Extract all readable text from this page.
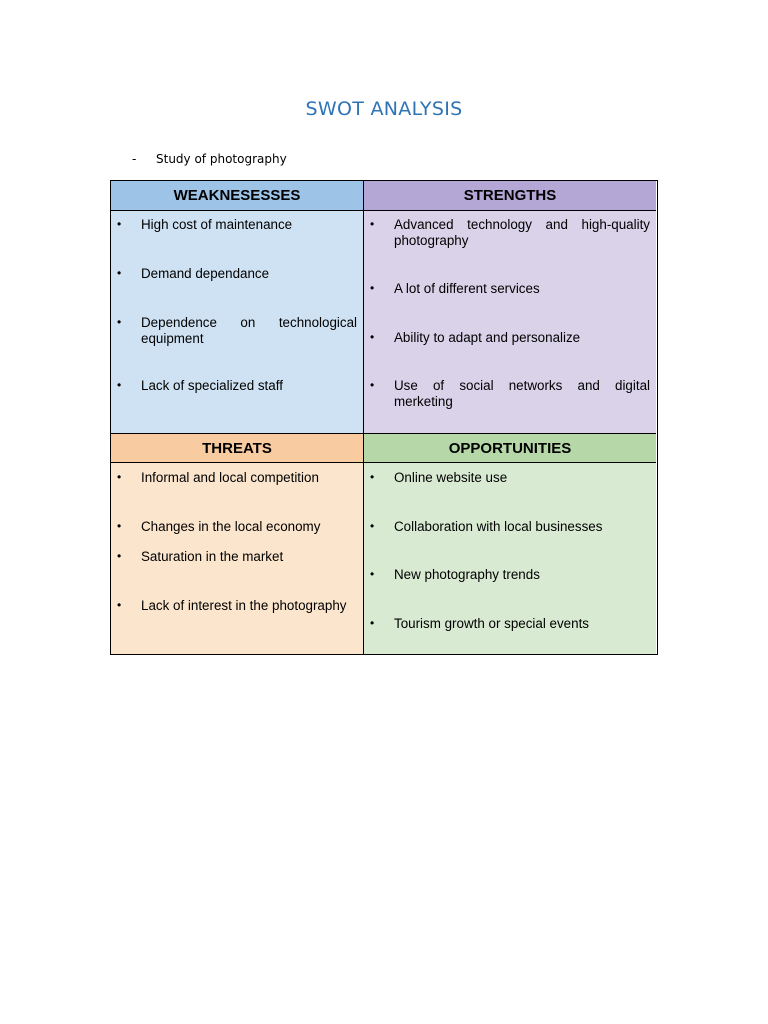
SWOT ANALYSIS
- Study of photography
WEAKNESESSES	STRENGTHS
• High cost of maintenance
• Demand dependance
• Dependence on technological equipment
• Lack of specialized staff
• Advanced technology and high-quality photography
• A lot of different services
• Ability to adapt and personalize
• Use of social networks and digital merketing
THREATS	OPPORTUNITIES
• Informal and local competition
• Changes in the local economy
• Saturation in the market
• Lack of interest in the photography
• Online website use
• Collaboration with local businesses
• New photography trends
• Tourism growth or special events
